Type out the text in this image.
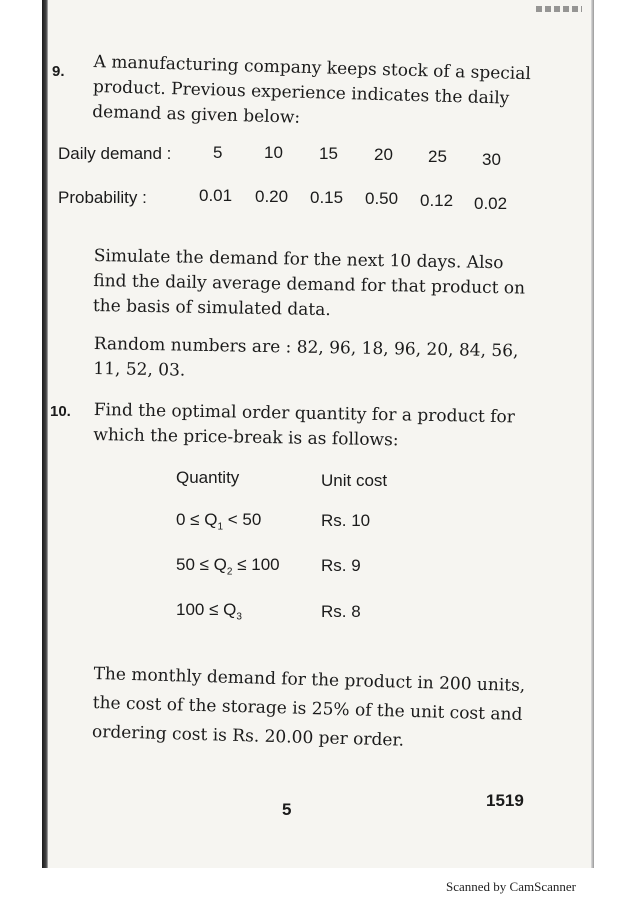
9. A manufacturing company keeps stock of a special
product. Previous experience indicates the daily
demand as given below:
Daily demand : 5 10 15 20 25 30
Probability :	0.01 0.20 0.15 0.50 0.12 0.02
Simulate the demand for the next 10 days. Also
find the daily average demand for that product on
the basis of simulated data.
Random numbers are : 82, 96, 18, 96, 20, 84, 56,
11, 52, 03.
10. Find the optimal order quantity for a product for
which the price-break is as follows:
Quantity	Unit cost
$0 \le Q_1 < 50$	Rs. 10
$50 \le Q_2 \le 100$ Rs. 9
$100 \le Q_3$	Rs. 8
The monthly demand for the product in 200 units,
the cost of the storage is 25% of the unit cost and
ordering cost is Rs. 20.00 per order.
5	1519
Scanned by CamScanner
